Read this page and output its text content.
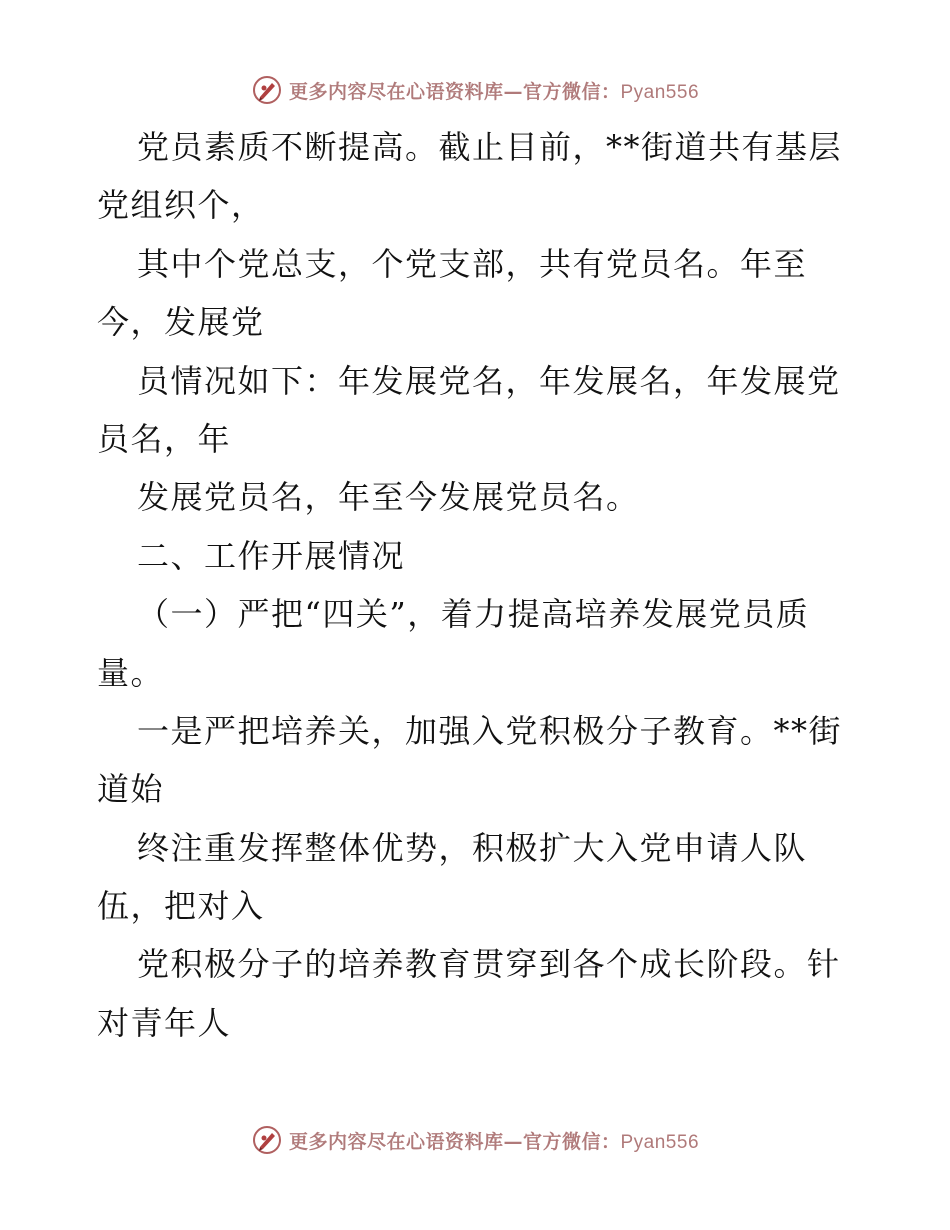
更多内容尽在心语资料库—官方微信：Pyan556
党员素质不断提高。截止目前，**街道共有基层
党组织个，
其中个党总支，个党支部，共有党员名。年至
今，发展党
员情况如下：年发展党名，年发展名，年发展党
员名，年
发展党员名，年至今发展党员名。
二、工作开展情况
（一）严把“四关”，着力提高培养发展党员质
量。
一是严把培养关，加强入党积极分子教育。**街
道始
终注重发挥整体优势，积极扩大入党申请人队
伍，把对入
党积极分子的培养教育贯穿到各个成长阶段。针
对青年人
更多内容尽在心语资料库—官方微信：Pyan556
